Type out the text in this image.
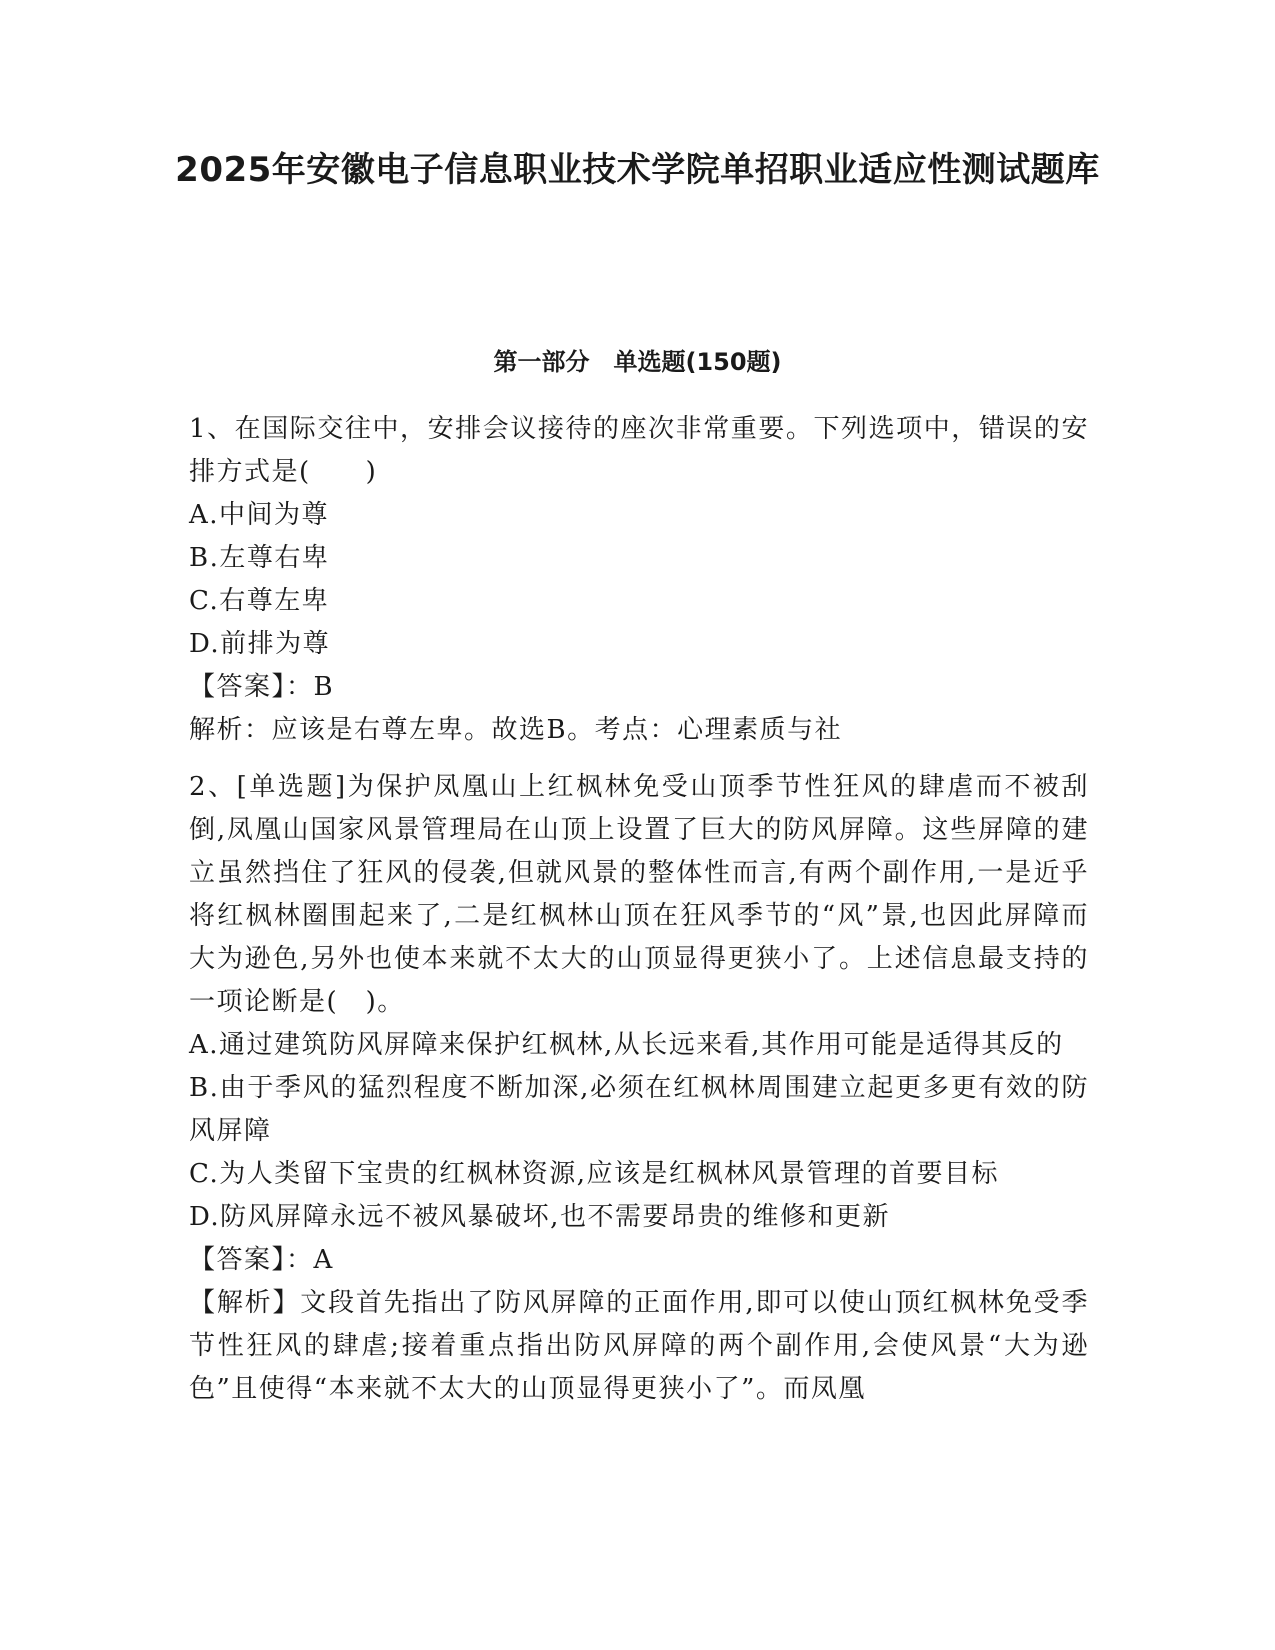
2025年安徽电子信息职业技术学院单招职业适应性测试题库
第一部分　单选题(150题)

1、在国际交往中，安排会议接待的座次非常重要。下列选项中，错误的安排方式是(　　)

A.中间为尊

B.左尊右卑

C.右尊左卑

D.前排为尊

【答案】：B

解析：应该是右尊左卑。故选B。考点：心理素质与社

2、[单选题]为保护凤凰山上红枫林免受山顶季节性狂风的肆虐而不被刮倒,凤凰山国家风景管理局在山顶上设置了巨大的防风屏障。这些屏障的建立虽然挡住了狂风的侵袭,但就风景的整体性而言,有两个副作用,一是近乎将红枫林圈围起来了,二是红枫林山顶在狂风季节的“风”景,也因此屏障而大为逊色,另外也使本来就不太大的山顶显得更狭小了。上述信息最支持的一项论断是(　)。

A.通过建筑防风屏障来保护红枫林,从长远来看,其作用可能是适得其反的

B.由于季风的猛烈程度不断加深,必须在红枫林周围建立起更多更有效的防风屏障

C.为人类留下宝贵的红枫林资源,应该是红枫林风景管理的首要目标

D.防风屏障永远不被风暴破坏,也不需要昂贵的维修和更新

【答案】：A

【解析】文段首先指出了防风屏障的正面作用,即可以使山顶红枫林免受季节性狂风的肆虐;接着重点指出防风屏障的两个副作用,会使风景“大为逊色”且使得“本来就不太大的山顶显得更狭小了”。而凤凰
